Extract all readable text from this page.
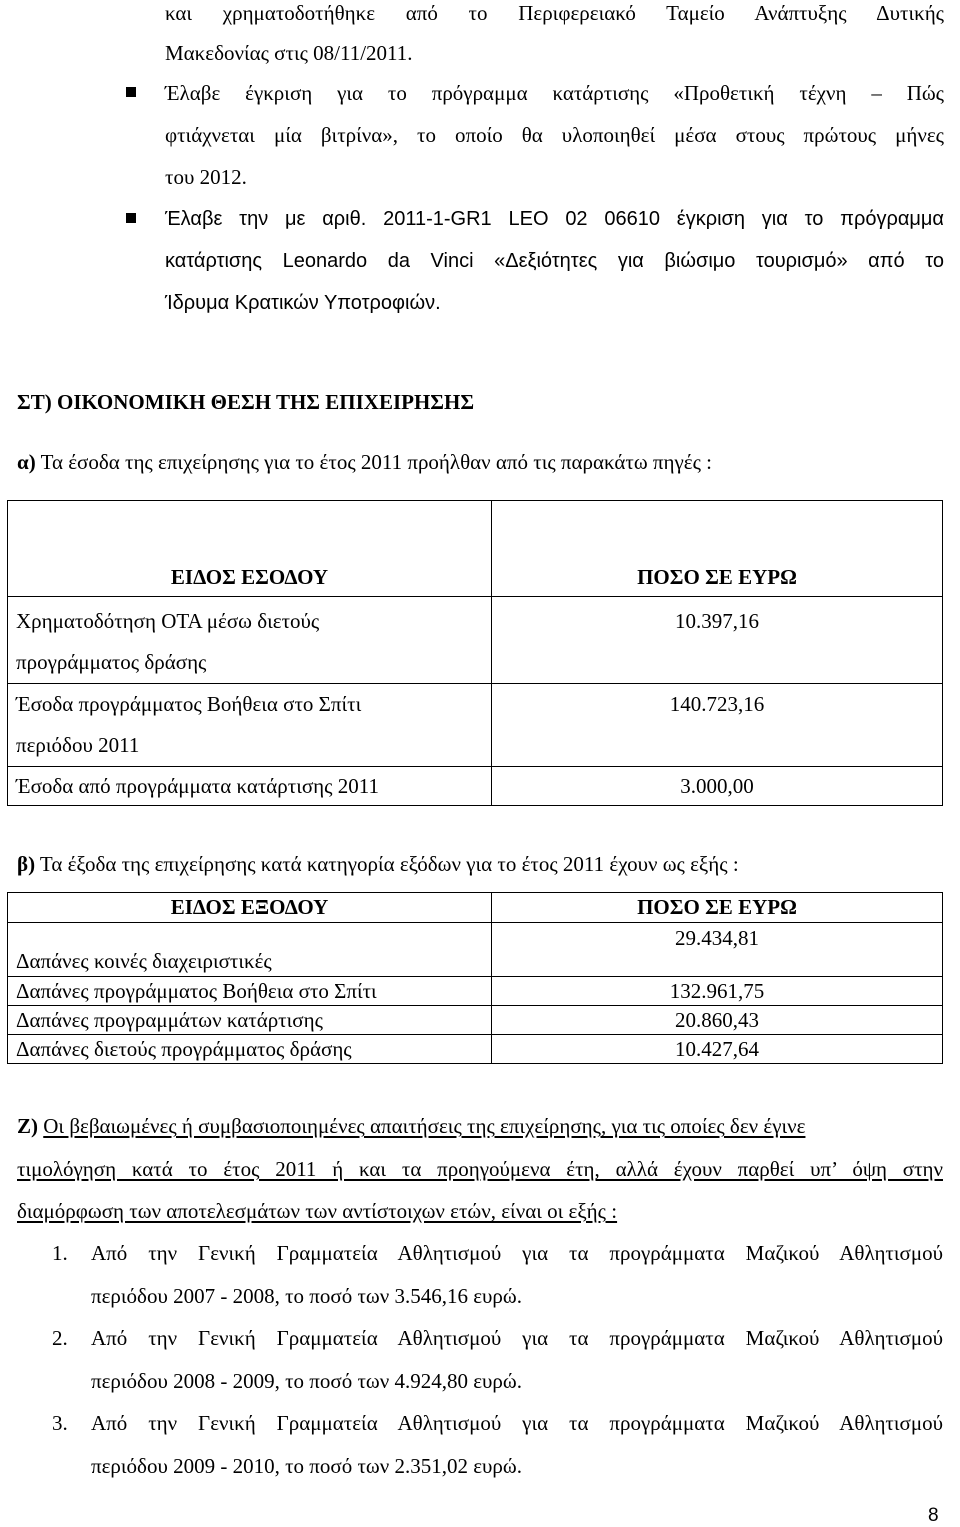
και χρηματοδοτήθηκε από το Περιφερειακό Ταμείο Ανάπτυξης Δυτικής
Μακεδονίας στις 08/11/2011.
Έλαβε έγκριση για το πρόγραμμα κατάρτισης «Προθετική τέχνη – Πώς
φτιάχνεται μία βιτρίνα», το οποίο θα υλοποιηθεί μέσα στους πρώτους μήνες
του 2012.
Έλαβε την με αριθ. 2011-1-GR1 LEO 02 06610 έγκριση για το πρόγραμμα
κατάρτισης Leonardo da Vinci «Δεξιότητες για βιώσιμο τουρισμό» από το
Ίδρυμα Κρατικών Υποτροφιών.
ΣΤ) ΟΙΚΟΝΟΜΙΚΗ ΘΕΣΗ ΤΗΣ ΕΠΙΧΕΙΡΗΣΗΣ
α) Τα έσοδα της επιχείρησης για το έτος 2011 προήλθαν από τις παρακάτω πηγές :
ΕΙΔΟΣ ΕΣΟΔΟΥ	ΠΟΣΟ ΣΕ ΕΥΡΩ
Χρηματοδότηση ΟΤΑ μέσω διετούς
προγράμματος δράσης	10.397,16
Έσοδα προγράμματος Βοήθεια στο Σπίτι
περιόδου 2011	140.723,16
Έσοδα από προγράμματα κατάρτισης 2011	3.000,00
β) Τα έξοδα της επιχείρησης κατά κατηγορία εξόδων για το έτος 2011 έχουν ως εξής :
ΕΙΔΟΣ ΕΞΟΔΟΥ	ΠΟΣΟ ΣΕ ΕΥΡΩ
Δαπάνες κοινές διαχειριστικές	29.434,81
Δαπάνες προγράμματος Βοήθεια στο Σπίτι	132.961,75
Δαπάνες προγραμμάτων κατάρτισης	20.860,43
Δαπάνες διετούς προγράμματος δράσης	10.427,64
Ζ) Οι βεβαιωμένες ή συμβασιοποιημένες απαιτήσεις της επιχείρησης, για τις οποίες δεν έγινε
τιμολόγηση κατά το έτος 2011 ή και τα προηγούμενα έτη, αλλά έχουν παρθεί υπ’ όψη στην
διαμόρφωση των αποτελεσμάτων των αντίστοιχων ετών, είναι οι εξής :
1. Από την Γενική Γραμματεία Αθλητισμού για τα προγράμματα Μαζικού Αθλητισμού
περιόδου 2007 - 2008, το ποσό των 3.546,16 ευρώ.
2. Από την Γενική Γραμματεία Αθλητισμού για τα προγράμματα Μαζικού Αθλητισμού
περιόδου 2008 - 2009, το ποσό των 4.924,80 ευρώ.
3. Από την Γενική Γραμματεία Αθλητισμού για τα προγράμματα Μαζικού Αθλητισμού
περιόδου 2009 - 2010, το ποσό των 2.351,02 ευρώ.
8
